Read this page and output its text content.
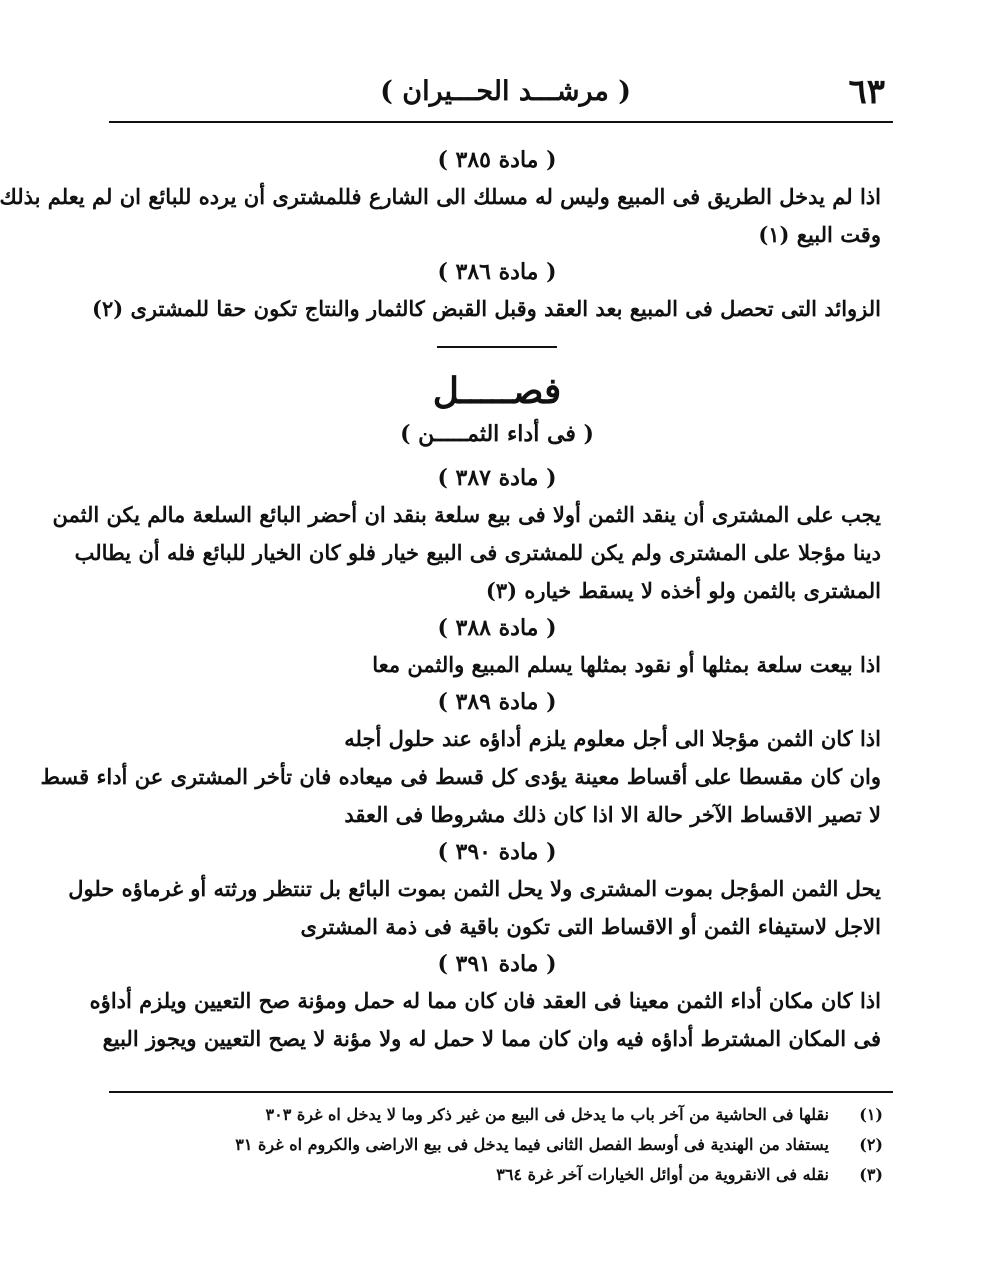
٦٣
( مرشـــد الحـــيران )
( مادة ٣٨٥ )
اذا لم يدخل الطريق فى المبيع وليس له مسلك الى الشارع فللمشترى أن يرده للبائع ان لم يعلم بذلك
وقت البيع (١)
( مادة ٣٨٦ )
الزوائد التى تحصل فى المبيع بعد العقد وقبل القبض كالثمار والنتاج تكون حقا للمشترى (٢)
فصـــــل
( فى أداء الثمـــــن )
( مادة ٣٨٧ )
يجب على المشترى أن ينقد الثمن أولا فى بيع سلعة بنقد ان أحضر البائع السلعة مالم يكن الثمن
دينا مؤجلا على المشترى ولم يكن للمشترى فى البيع خيار فلو كان الخيار للبائع فله أن يطالب
المشترى بالثمن ولو أخذه لا يسقط خياره (٣)
( مادة ٣٨٨ )
اذا بيعت سلعة بمثلها أو نقود بمثلها يسلم المبيع والثمن معا
( مادة ٣٨٩ )
اذا كان الثمن مؤجلا الى أجل معلوم يلزم أداؤه عند حلول أجله
وان كان مقسطا على أقساط معينة يؤدى كل قسط فى ميعاده فان تأخر المشترى عن أداء قسط
لا تصير الاقساط الآخر حالة الا اذا كان ذلك مشروطا فى العقد
( مادة ٣٩٠ )
يحل الثمن المؤجل بموت المشترى ولا يحل الثمن بموت البائع بل تنتظر ورثته أو غرماؤه حلول
الاجل لاستيفاء الثمن أو الاقساط التى تكون باقية فى ذمة المشترى
( مادة ٣٩١ )
اذا كان مكان أداء الثمن معينا فى العقد فان كان مما له حمل ومؤنة صح التعيين ويلزم أداؤه
فى المكان المشترط أداؤه فيه وان كان مما لا حمل له ولا مؤنة لا يصح التعيين ويجوز البيع
(١)
نقلها فى الحاشية من آخر باب ما يدخل فى البيع من غير ذكر وما لا يدخل اه غرة ٣٠٣
(٢)
يستفاد من الهندية فى أوسط الفصل الثانى فيما يدخل فى بيع الاراضى والكروم اه غرة ٣١
(٣)
نقله فى الانقروية من أوائل الخيارات آخر غرة ٣٦٤
